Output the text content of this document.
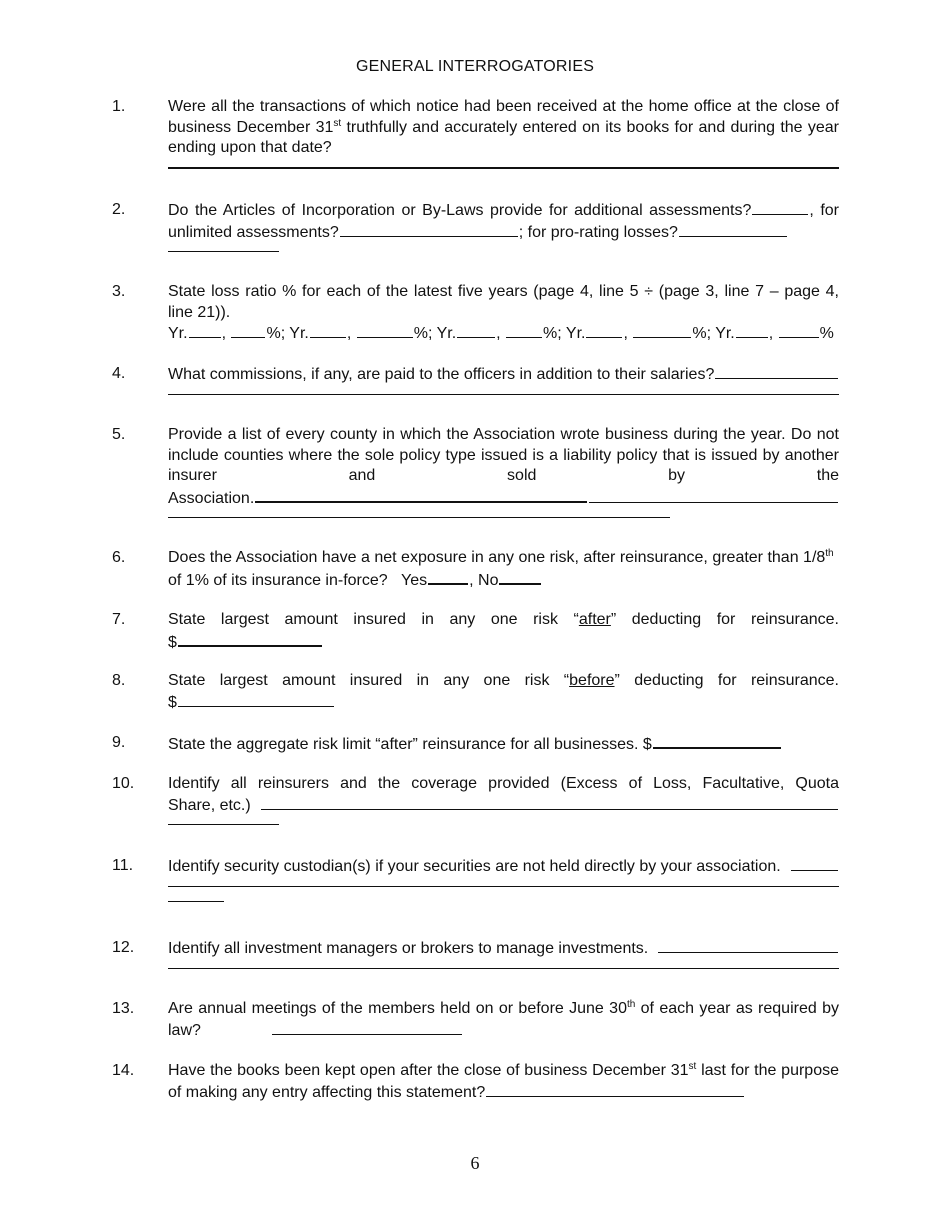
GENERAL INTERROGATORIES
1.	Were all the transactions of which notice had been received at the home office at the close of business December 31st truthfully and accurately entered on its books for and during the year ending upon that date?
2.	Do the Articles of Incorporation or By-Laws provide for additional assessments?	, for unlimited assessments?	; for pro-rating losses?
3.	State loss ratio % for each of the latest five years (page 4, line 5 ÷ (page 3, line 7 – page 4, line 21)).
Yr. , %; Yr. ,	%; Yr.	, %; Yr. ,	%; Yr. ,	%
4.	What commissions, if any, are paid to the officers in addition to their salaries?
5.	Provide a list of every county in which the Association wrote business during the year. Do not include counties where the sole policy type issued is a liability policy that is issued by another insurer and sold by the
Association.
6.	Does the Association have a net exposure in any one risk, after reinsurance, greater than 1/8th of 1% of its insurance in-force? Yes	, No
7.	State largest amount insured in any one risk “after” deducting for reinsurance.
$
8.	State largest amount insured in any one risk “before” deducting for reinsurance.
$
9.	State the aggregate risk limit “after” reinsurance for all businesses. $
10.	Identify all reinsurers and the coverage provided (Excess of Loss, Facultative, Quota
Share, etc.)

11.	Identify security custodian(s) if your securities are not held directly by your association.

12.	Identify all investment managers or brokers to manage investments.

13.	Are annual meetings of the members held on or before June 30th of each year as required by law?
14.	Have the books been kept open after the close of business December 31st last for the purpose of making any entry affecting this statement?
6
